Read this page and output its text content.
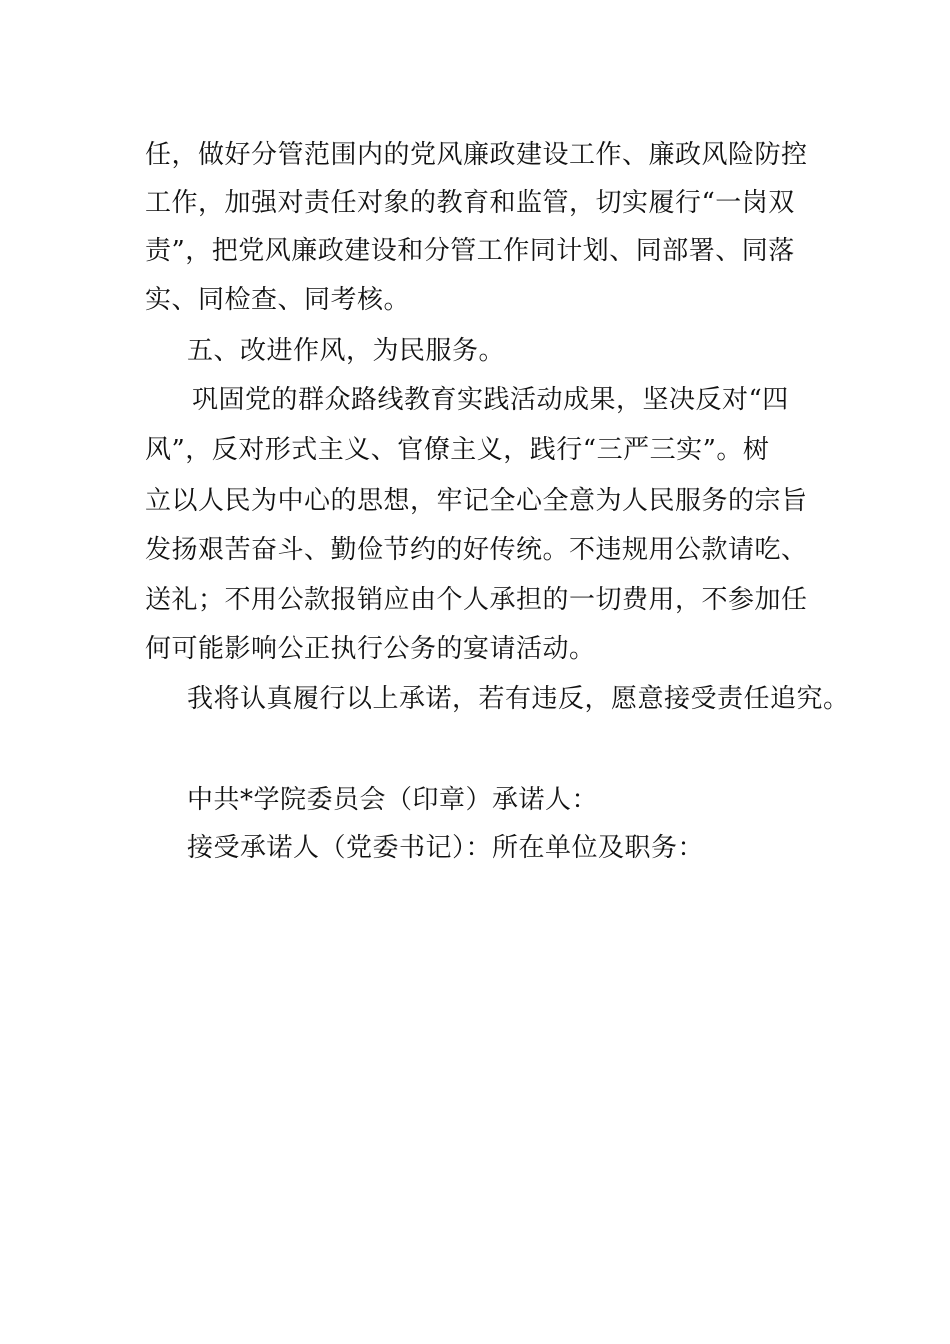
任，做好分管范围内的党风廉政建设工作、廉政风险防控
工作，加强对责任对象的教育和监管，切实履行“一岗双
责”，把党风廉政建设和分管工作同计划、同部署、同落
实、同检查、同考核。
五、改进作风，为民服务。
巩固党的群众路线教育实践活动成果，坚决反对“四
风”，反对形式主义、官僚主义，践行“三严三实”。树
立以人民为中心的思想，牢记全心全意为人民服务的宗旨
发扬艰苦奋斗、勤俭节约的好传统。不违规用公款请吃、
送礼；不用公款报销应由个人承担的一切费用，不参加任
何可能影响公正执行公务的宴请活动。
我将认真履行以上承诺，若有违反，愿意接受责任追究。
中共*学院委员会（印章）承诺人：
接受承诺人（党委书记）：所在单位及职务：
